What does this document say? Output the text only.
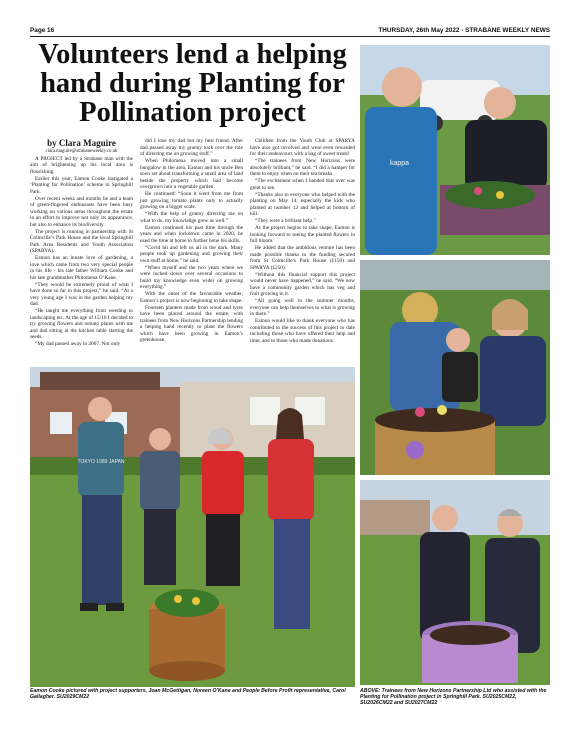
Page 16	THURSDAY, 26th May 2022 - STRABANE WEEKLY NEWS
Volunteers lend a helping hand during Planting for Pollination project

by Clara Maguire

clara.maguire@strabaneweekly.co.uk

A PROJECT led by a Strabane man with the aim of brightening up his local area is flourishing.

Earlier this year, Eamon Cooke instigated a ‘Planting for Pollination’ scheme in Springhill Park.

Over recent weeks and months he and a team of green-fingered enthusiasts have been busy working on various areas throughout the estate in an effort to improve not only its appearance, but also to enhance its biodiversity.

The project is running in partnership with St Colmcille’s Park House and the local Springhill Park Area Residents and Youth Association (SPARYA).

Eamon has an innate love of gardening, a love which came from two very special people in his life - his late father William Cooke and his late grandmother Philomena O’Kane.

“They would be extremely proud of what I have done so far in this project,” he said. “At a very young age I was in the garden helping my dad.

“He taught me everything from weeding to landscaping etc. At the age of 15/16 I decided to try growing flowers and tomato plants with me and dad sitting at the kitchen table starting the seeds.

“My dad passed away in 2007. Not only

did I lose my dad but my best friend. After dad passed away my granny took over the role of directing me on growing stuff.”

When Philomena moved into a small bungalow in the area, Eamon and his uncle Ben soon set about transforming a small area of land beside the property which had become overgrown into a vegetable garden.

He continued: “Soon it went from me from just growing tomato plants only to actually growing on a bigger scale.

“With the help of granny directing me on what to do, my knowledge grew as well.”

Eamon continued his past time through the years and when lockdown came in 2020, he used the time at home to further hone his skills.

“Covid hit and left us all in the dark. Many people took up gardening and growing their own stuff at home,” he said.

“When myself and the two years where we were locked down over several occasions to build my knowledge even wider on growing everything.”

With the onset of the favourable weather, Eamon’s project is now beginning to take shape.

Fourteen planters made from wood and tyres have been placed around the estate, with trainees from New Horizons Partnership lending a helping hand recently to plant the flowers which have been growing in Eamon’s greenhouse.

Children from the Youth Club at SPARYA have also got involved and were even rewarded for their endeavours with a bag of sweet treats!

“The trainees from New Horizons were absolutely brilliant,” he said. “I did a hamper for them to enjoy when on their tea breaks.

“The excitement when I handed that over was great to see.

“Thanks also to everyone who helped with the planting on May 14, especially the kids who planted at number 12 and helped at bottom of hill.

“They were a brilliant help.”

As the project begins to take shape, Eamon is looking forward to seeing the planted flowers in full bloom.

He added that the ambitious venture has been made possible thanks to the funding secured from St Colmcille’s Park House (£150) and SPARYA (£250).

“Without this financial support this project would never have happened,” he said. “We now have a community garden which has veg and fruit growing in it.

“All going well in the summer months, everyone can help themselves to what is growing in there.”

Eamon would like to thank everyone who has contributed to the success of this project to date including those who have offered their help and time, and to those who made donations.

TOKYO 1989 JAPAN
kappa
Eamon Cooke pictured with project supporters, Joan McGettigan, Noreen O’Kane and People Before Profit representative, Carol Gallagher. SU2029CM22
ABOVE: Trainees from New Horizons Partnership Ltd who assisted with the Planting for Pollination project in Springhill Park. SU2025CM22, SU2026CM22 and SU2027CM22
